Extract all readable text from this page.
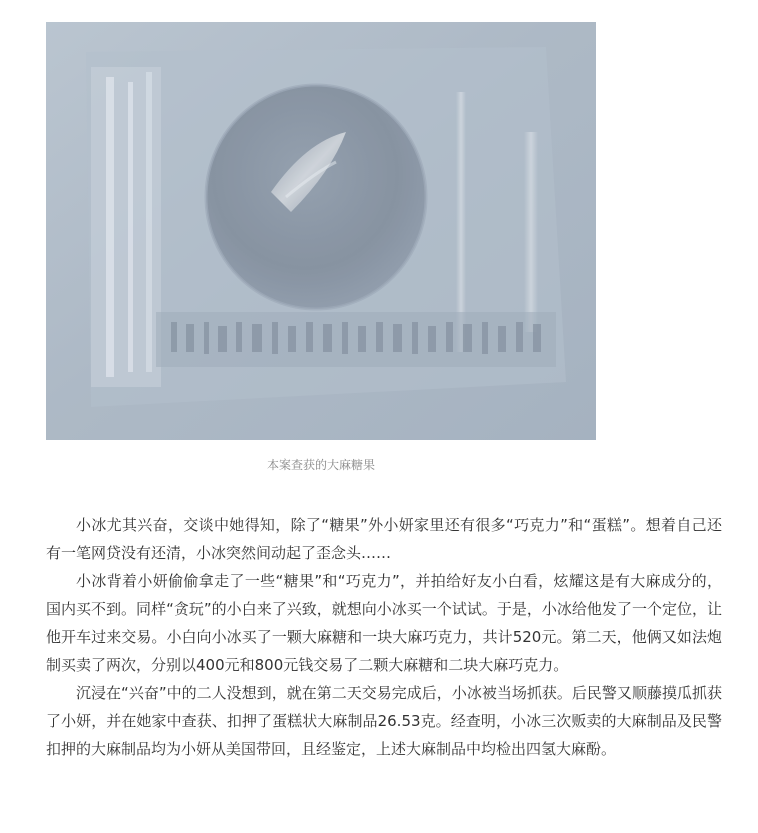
本案查获的大麻糖果

小冰尤其兴奋，交谈中她得知，除了“糖果”外小妍家里还有很多“巧克力”和“蛋糕”。想着自己还有一笔网贷没有还清，小冰突然间动起了歪念头……

小冰背着小妍偷偷拿走了一些“糖果”和“巧克力”，并拍给好友小白看，炫耀这是有大麻成分的，国内买不到。同样“贪玩”的小白来了兴致，就想向小冰买一个试试。于是，小冰给他发了一个定位，让他开车过来交易。小白向小冰买了一颗大麻糖和一块大麻巧克力，共计520元。第二天，他俩又如法炮制买卖了两次，分别以400元和800元钱交易了二颗大麻糖和二块大麻巧克力。

沉浸在“兴奋”中的二人没想到，就在第二天交易完成后，小冰被当场抓获。后民警又顺藤摸瓜抓获了小妍，并在她家中查获、扣押了蛋糕状大麻制品26.53克。经查明，小冰三次贩卖的大麻制品及民警扣押的大麻制品均为小妍从美国带回，且经鉴定，上述大麻制品中均检出四氢大麻酚。
